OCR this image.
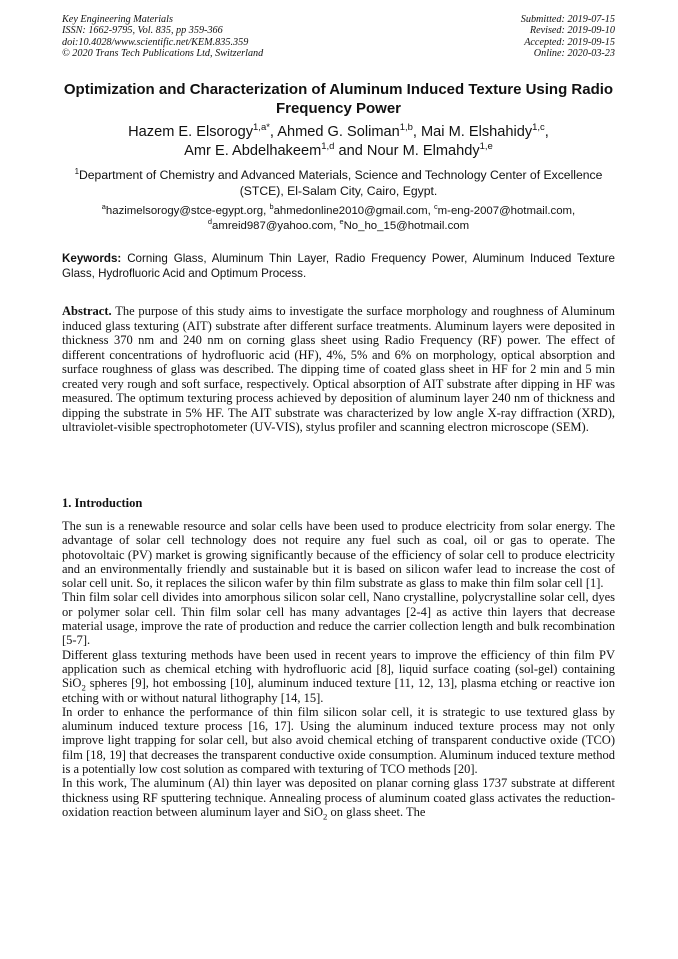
Key Engineering Materials
ISSN: 1662-9795, Vol. 835, pp 359-366
doi:10.4028/www.scientific.net/KEM.835.359
© 2020 Trans Tech Publications Ltd, Switzerland
Submitted: 2019-07-15
Revised: 2019-09-10
Accepted: 2019-09-15
Online: 2020-03-23
Optimization and Characterization of Aluminum Induced Texture Using Radio Frequency Power
Hazem E. Elsorogy$^{1,a*}$, Ahmed G. Soliman$^{1,b}$, Mai M. Elshahidy$^{1,c}$,
Amr E. Abdelhakeem$^{1,d}$ and Nour M. Elmahdy$^{1,e}$
$^1$Department of Chemistry and Advanced Materials, Science and Technology Center of Excellence (STCE), El-Salam City, Cairo, Egypt.
$^a$hazimelsorogy@stce-egypt.org, $^b$ahmedonline2010@gmail.com, $^c$m-eng-2007@hotmail.com,
$^d$amreid987@yahoo.com, $^e$No_ho_15@hotmail.com
Keywords: Corning Glass, Aluminum Thin Layer, Radio Frequency Power, Aluminum Induced Texture Glass, Hydrofluoric Acid and Optimum Process.
Abstract. The purpose of this study aims to investigate the surface morphology and roughness of Aluminum induced glass texturing (AIT) substrate after different surface treatments. Aluminum layers were deposited in thickness 370 nm and 240 nm on corning glass sheet using Radio Frequency (RF) power. The effect of different concentrations of hydrofluoric acid (HF), 4%, 5% and 6% on morphology, optical absorption and surface roughness of glass was described. The dipping time of coated glass sheet in HF for 2 min and 5 min created very rough and soft surface, respectively. Optical absorption of AIT substrate after dipping in HF was measured. The optimum texturing process achieved by deposition of aluminum layer 240 nm of thickness and dipping the substrate in 5% HF. The AIT substrate was characterized by low angle X-ray diffraction (XRD), ultraviolet-visible spectrophotometer (UV-VIS), stylus profiler and scanning electron microscope (SEM).
1. Introduction

The sun is a renewable resource and solar cells have been used to produce electricity from solar energy. The advantage of solar cell technology does not require any fuel such as coal, oil or gas to operate. The photovoltaic (PV) market is growing significantly because of the efficiency of solar cell to produce electricity and an environmentally friendly and sustainable but it is based on silicon wafer lead to increase the cost of solar cell unit. So, it replaces the silicon wafer by thin film substrate as glass to make thin film solar cell [1].

Thin film solar cell divides into amorphous silicon solar cell, Nano crystalline, polycrystalline solar cell, dyes or polymer solar cell. Thin film solar cell has many advantages [2-4] as active thin layers that decrease material usage, improve the rate of production and reduce the carrier collection length and bulk recombination [5-7].

Different glass texturing methods have been used in recent years to improve the efficiency of thin film PV application such as chemical etching with hydrofluoric acid [8], liquid surface coating (sol-gel) containing SiO$_2$ spheres [9], hot embossing [10], aluminum induced texture [11, 12, 13], plasma etching or reactive ion etching with or without natural lithography [14, 15].

In order to enhance the performance of thin film silicon solar cell, it is strategic to use textured glass by aluminum induced texture process [16, 17]. Using the aluminum induced texture process may not only improve light trapping for solar cell, but also avoid chemical etching of transparent conductive oxide (TCO) film [18, 19] that decreases the transparent conductive oxide consumption. Aluminum induced texture method is a potentially low cost solution as compared with texturing of TCO methods [20].

In this work, The aluminum (Al) thin layer was deposited on planar corning glass 1737 substrate at different thickness using RF sputtering technique. Annealing process of aluminum coated glass activates the reduction-oxidation reaction between aluminum layer and SiO$_2$ on glass sheet. The
